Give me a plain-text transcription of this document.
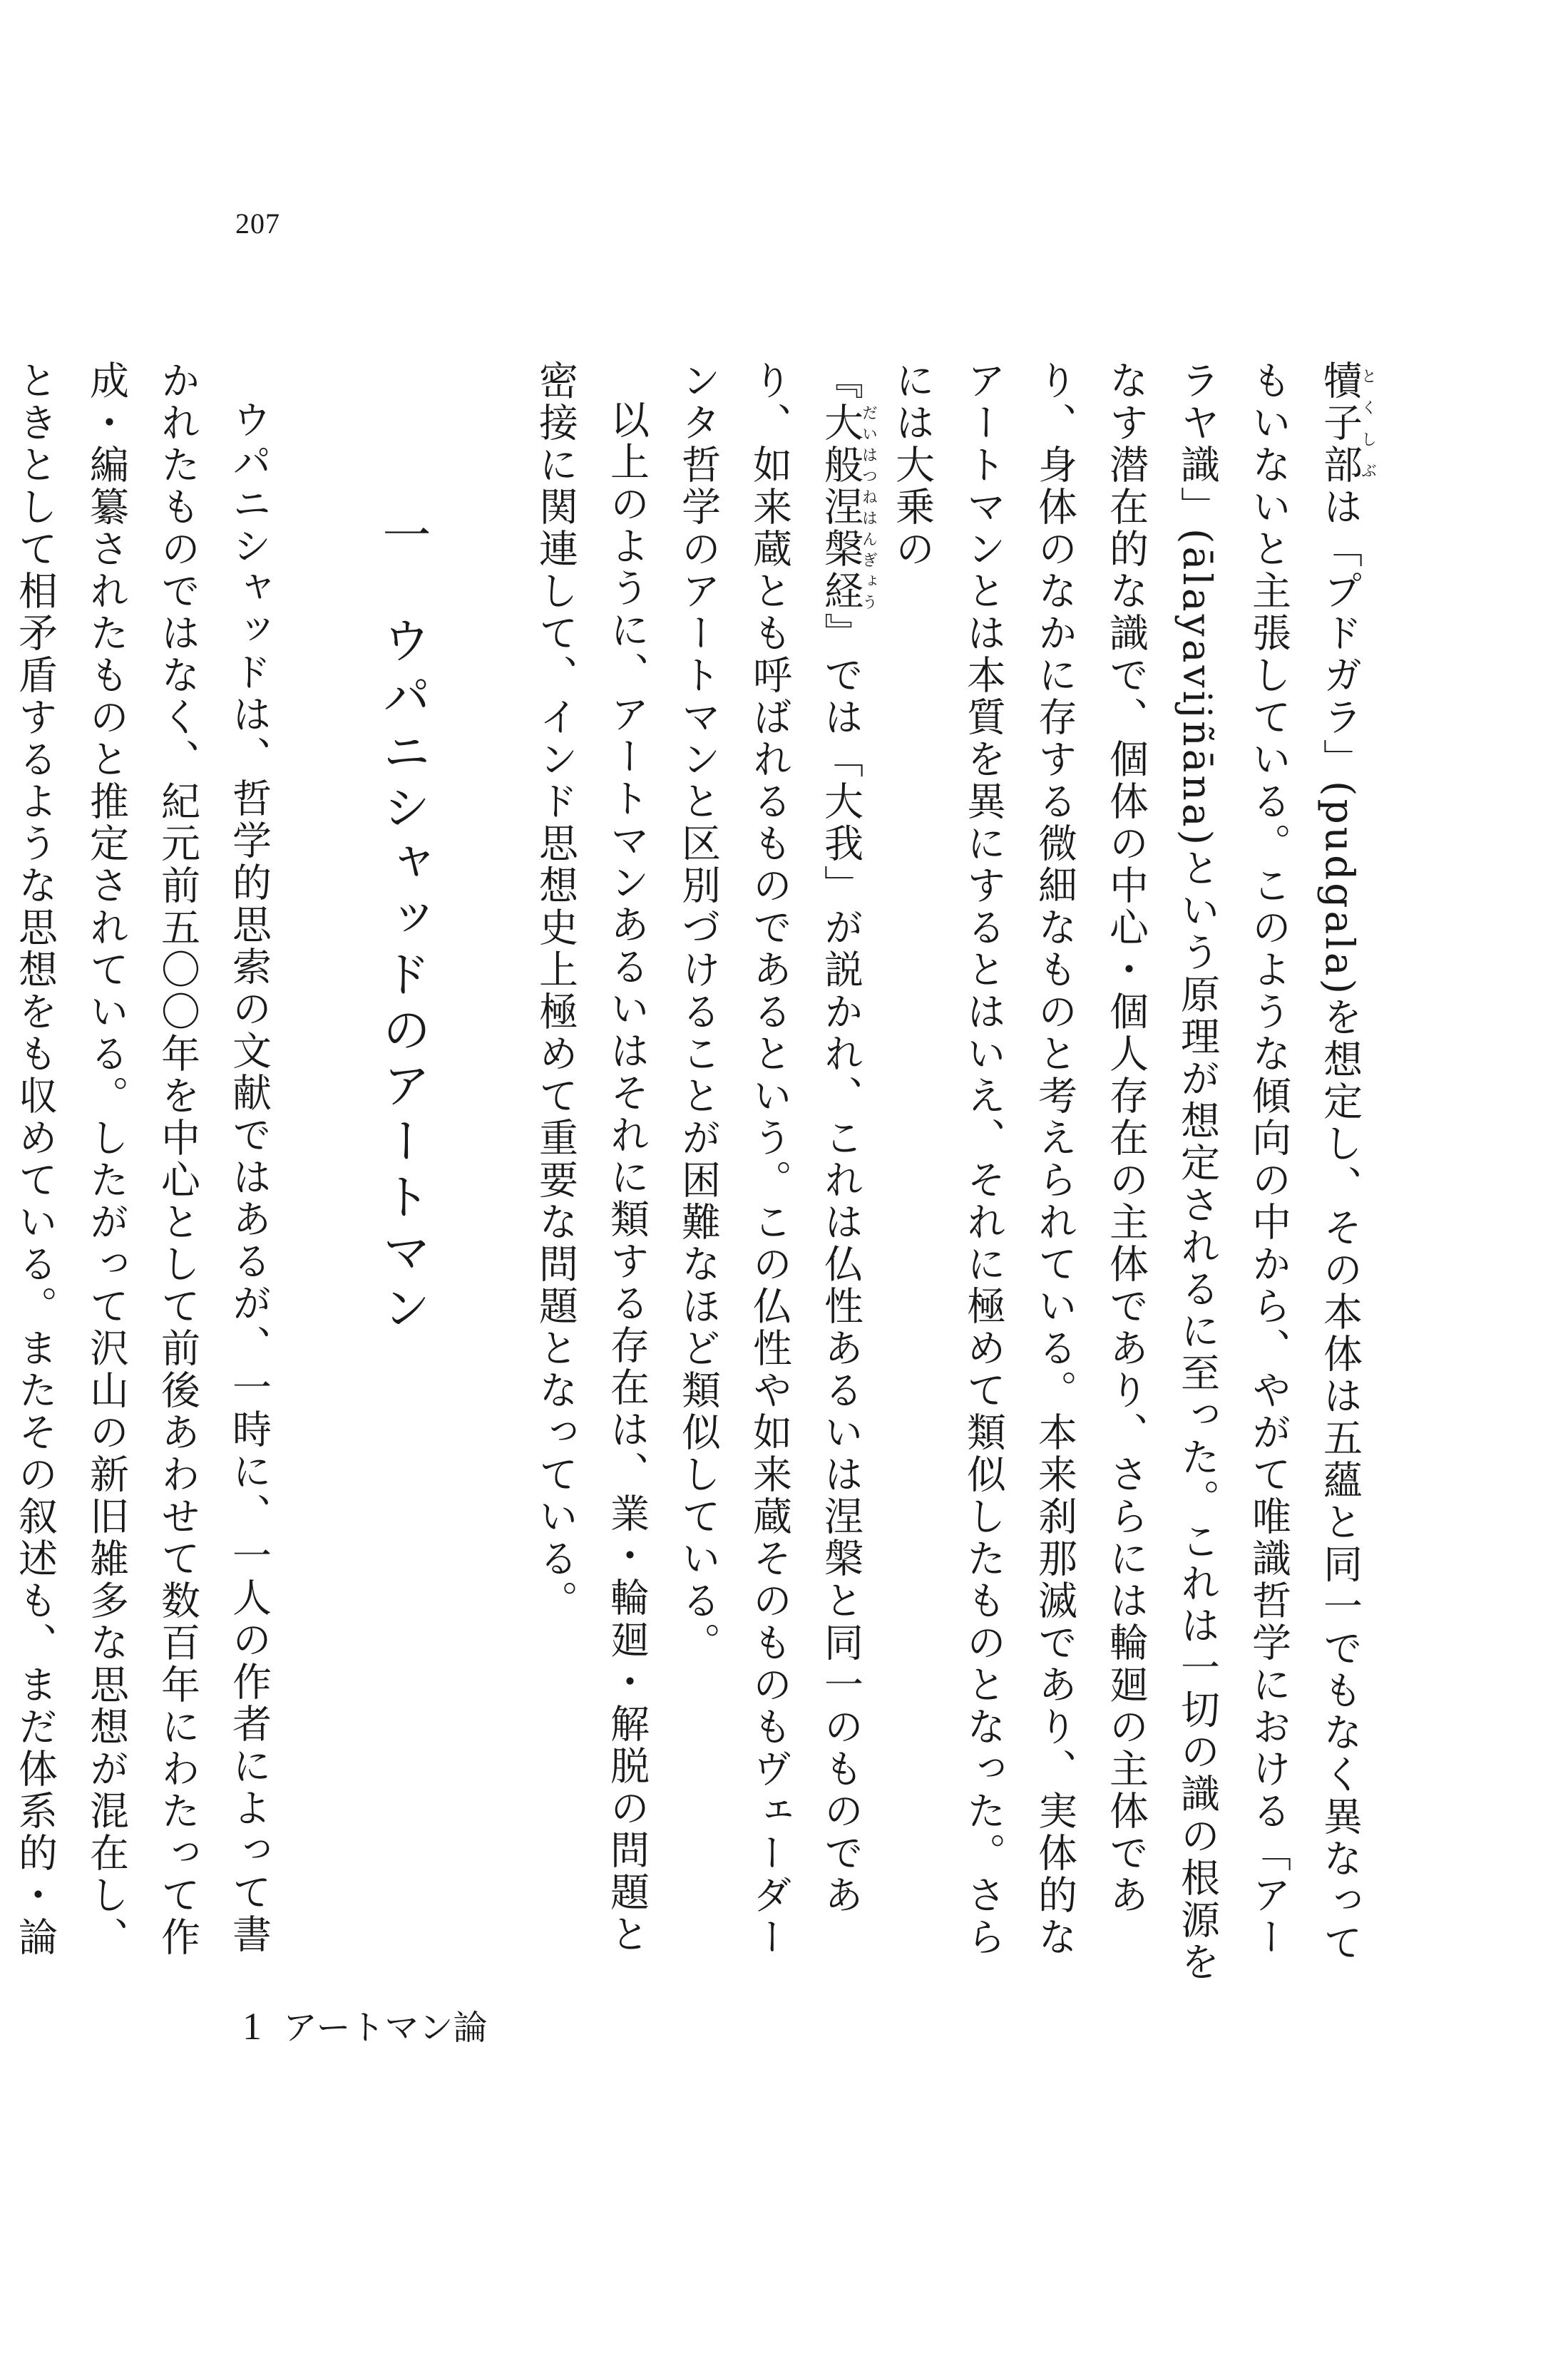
207

犢子部とくしぶは「プドガラ」(pudgala)を想定し、その本体は五蘊と同一でもなく異なってもいないと主張している。このような傾向の中から、やがて唯識哲学における「アーラヤ識」(ālayavijñāna)という原理が想定されるに至った。これは一切の識の根源をなす潜在的な識で、個体の中心・個人存在の主体であり、さらには輪廻の主体であり、身体のなかに存する微細なものと考えられている。本来刹那滅であり、実体的なアートマンとは本質を異にするとはいえ、それに極めて類似したものとなった。さらには大乗の

『大般涅槃経だいはつねはんぎょう』では「大我」が説かれ、これは仏性あるいは涅槃と同一のものであり、如来蔵とも呼ばれるものであるという。この仏性や如来蔵そのものもヴェーダーンタ哲学のアートマンと区別づけることが困難なほど類似している。

以上のように、アートマンあるいはそれに類する存在は、業・輪廻・解脱の問題と密接に関連して、インド思想史上極めて重要な問題となっている。

一ウパニシャッドのアートマン

ウパニシャッドは、哲学的思索の文献ではあるが、一時に、一人の作者によって書かれたものではなく、紀元前五〇〇年を中心として前後あわせて数百年にわたって作成・編纂されたものと推定されている。したがって沢山の新旧雑多な思想が混在し、ときとして相矛盾するような思想をも収めている。またその叙述も、まだ体系的・論

1 アートマン論
